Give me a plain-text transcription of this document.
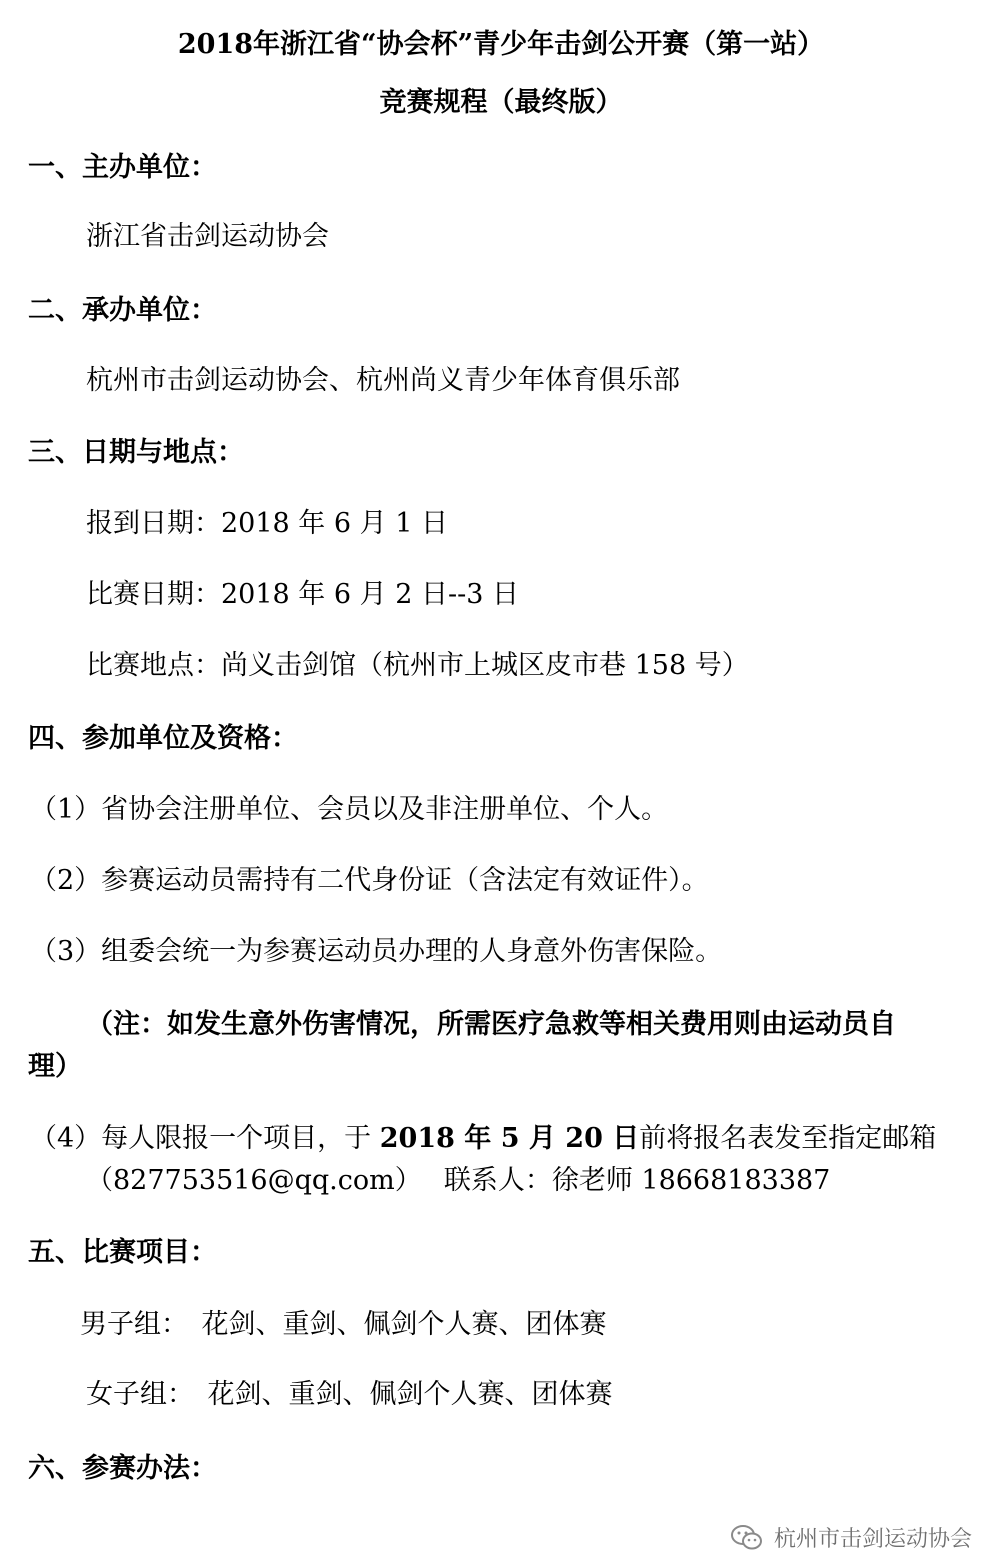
2018年浙江省“协会杯”青少年击剑公开赛（第一站）
竞赛规程（最终版）
一、主办单位：
浙江省击剑运动协会
二、承办单位：
杭州市击剑运动协会、杭州尚义青少年体育俱乐部
三、日期与地点：
报到日期：2018 年 6 月 1 日
比赛日期：2018 年 6 月 2 日--3 日
比赛地点：尚义击剑馆（杭州市上城区皮市巷 158 号）
四、参加单位及资格：
（1）省协会注册单位、会员以及非注册单位、个人。
（2）参赛运动员需持有二代身份证（含法定有效证件）。
（3）组委会统一为参赛运动员办理的人身意外伤害保险。
（注：如发生意外伤害情况，所需医疗急救等相关费用则由运动员自
理）
（4）每人限报一个项目，于 2018 年 5 月 20 日前将报名表发至指定邮箱
（827753516@qq.com）　 联系人：徐老师 18668183387
五、比赛项目：
男子组：　花剑、重剑、佩剑个人赛、团体赛
女子组：　花剑、重剑、佩剑个人赛、团体赛
六、参赛办法：
杭州市击剑运动协会
